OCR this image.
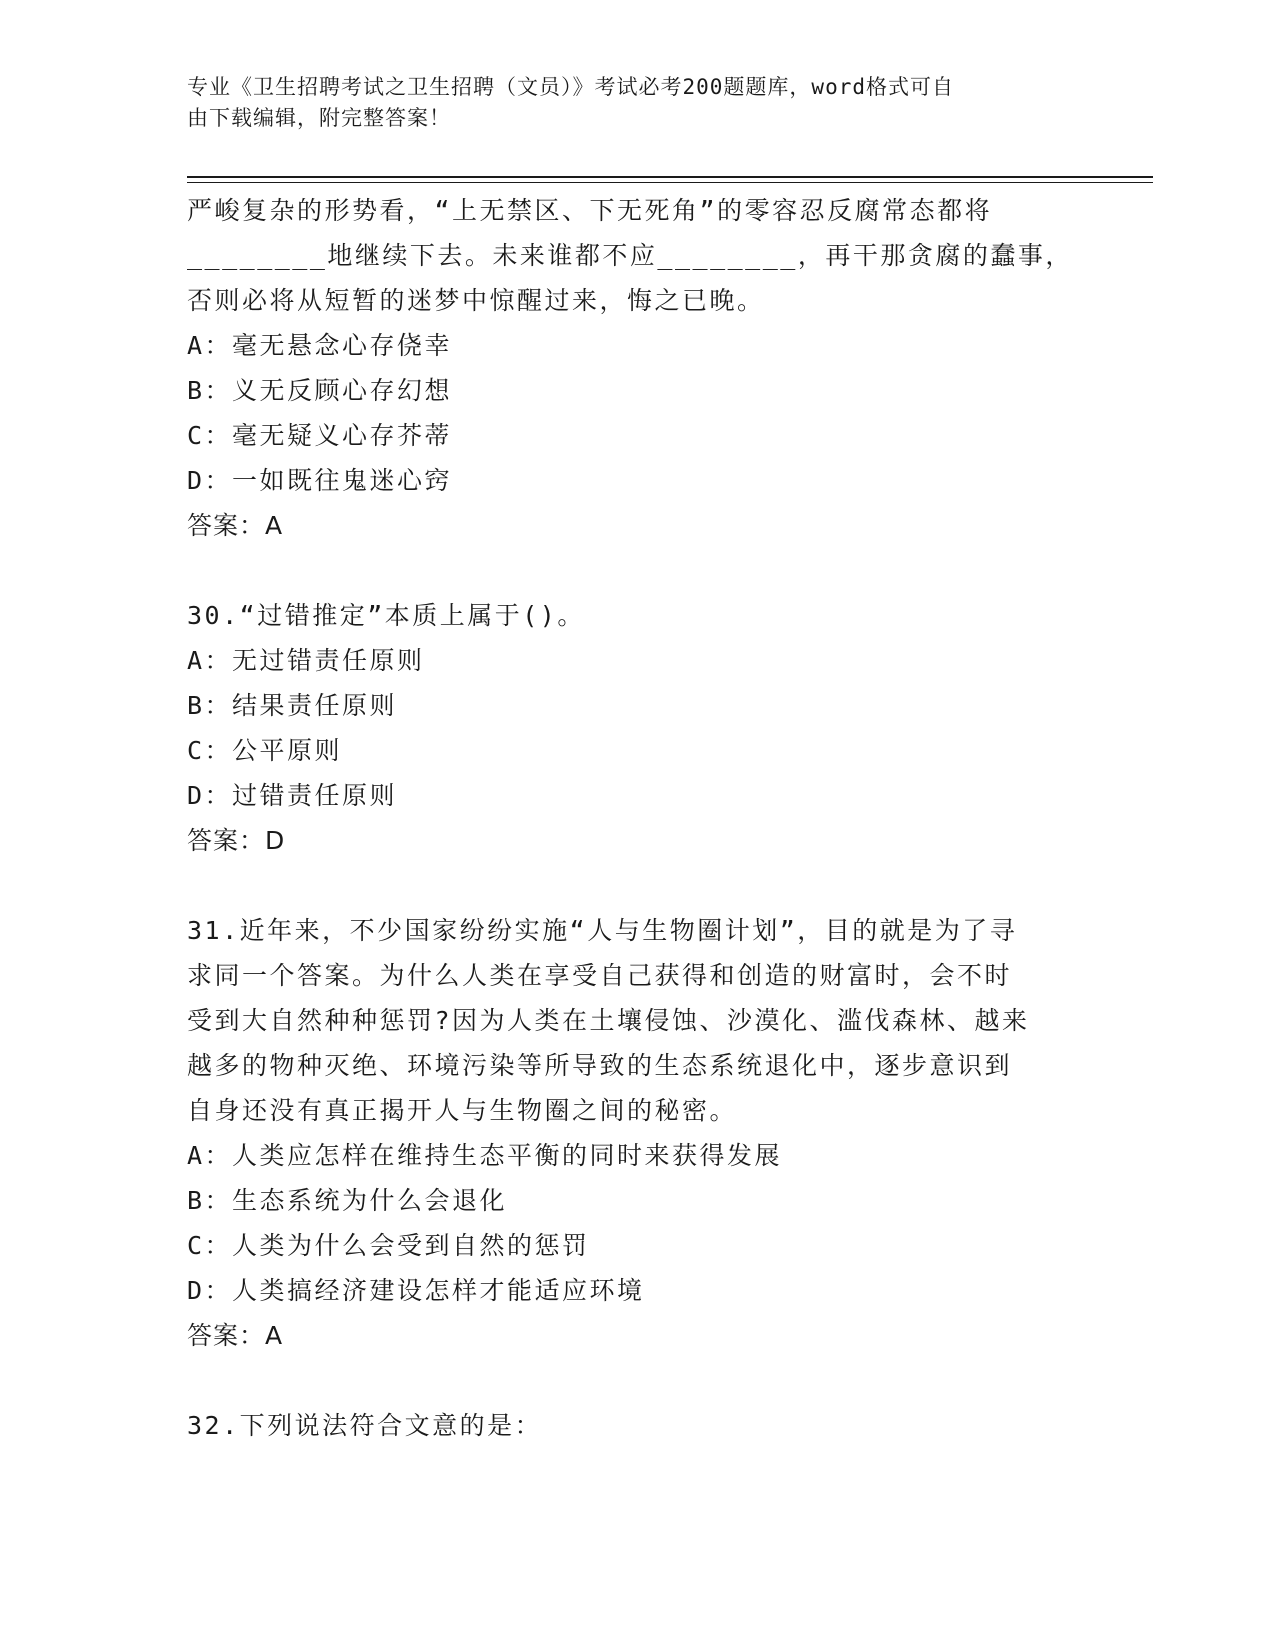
专业《卫生招聘考试之卫生招聘（文员）》考试必考200题题库，word格式可自
由下载编辑，附完整答案！

严峻复杂的形势看，“上无禁区、下无死角”的零容忍反腐常态都将

________地继续下去。未来谁都不应________，再干那贪腐的蠢事，

否则必将从短暂的迷梦中惊醒过来，悔之已晚。

A：毫无悬念心存侥幸
B：义无反顾心存幻想
C：毫无疑义心存芥蒂
D：一如既往鬼迷心窍
答案：A

30.“过错推定”本质上属于()。

A：无过错责任原则
B：结果责任原则
C：公平原则
D：过错责任原则
答案：D

31.近年来，不少国家纷纷实施“人与生物圈计划”，目的就是为了寻

求同一个答案。为什么人类在享受自己获得和创造的财富时，会不时

受到大自然种种惩罚?因为人类在土壤侵蚀、沙漠化、滥伐森林、越来

越多的物种灭绝、环境污染等所导致的生态系统退化中，逐步意识到

自身还没有真正揭开人与生物圈之间的秘密。

A：人类应怎样在维持生态平衡的同时来获得发展
B：生态系统为什么会退化
C：人类为什么会受到自然的惩罚
D：人类搞经济建设怎样才能适应环境
答案：A

32.下列说法符合文意的是：
